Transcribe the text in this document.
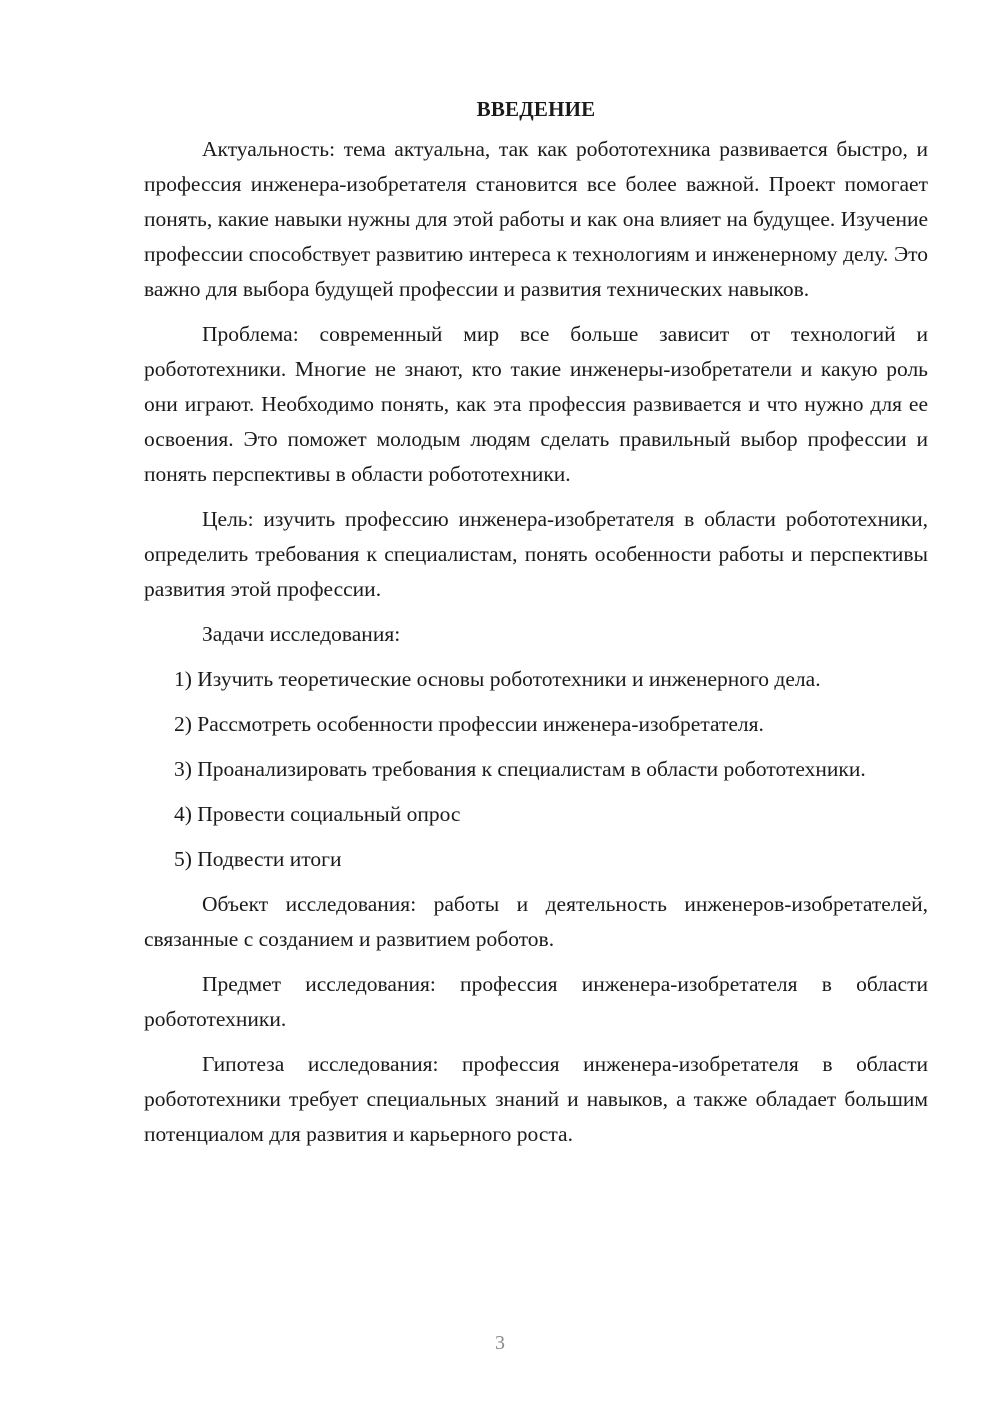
ВВЕДЕНИЕ

Актуальность: тема актуальна, так как робототехника развивается быстро, и профессия инженера-изобретателя становится все более важной. Проект помогает понять, какие навыки нужны для этой работы и как она влияет на будущее. Изучение профессии способствует развитию интереса к технологиям и инженерному делу. Это важно для выбора будущей профессии и развития технических навыков.

Проблема: современный мир все больше зависит от технологий и робототехники. Многие не знают, кто такие инженеры-изобретатели и какую роль они играют. Необходимо понять, как эта профессия развивается и что нужно для ее освоения. Это поможет молодым людям сделать правильный выбор профессии и понять перспективы в области робототехники.

Цель: изучить профессию инженера-изобретателя в области робототехники, определить требования к специалистам, понять особенности работы и перспективы развития этой профессии.

Задачи исследования:

1) Изучить теоретические основы робототехники и инженерного дела.

2) Рассмотреть особенности профессии инженера-изобретателя.

3) Проанализировать требования к специалистам в области робототехники.

4) Провести социальный опрос

5) Подвести итоги

Объект исследования: работы и деятельность инженеров-изобретателей, связанные с созданием и развитием роботов.

Предмет исследования: профессия инженера-изобретателя в области робототехники.

Гипотеза исследования: профессия инженера-изобретателя в области робототехники требует специальных знаний и навыков, а также обладает большим потенциалом для развития и карьерного роста.

3
